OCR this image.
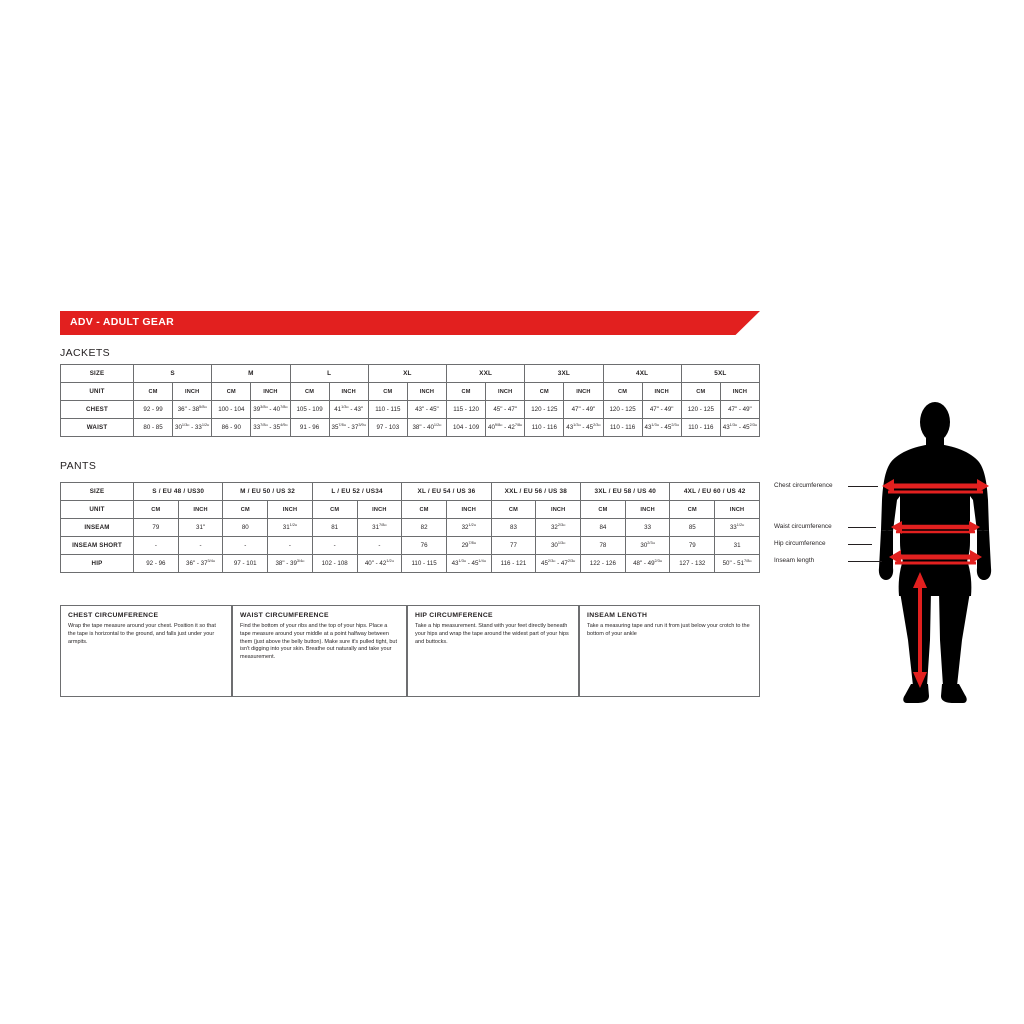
ADV - ADULT GEAR
JACKETS
SIZE	S		M		L		XL		XXL		3XL		4XL		5XL	
UNIT	CM	INCH	CM	INCH	CM	INCH	CM	INCH	CM	INCH	CM	INCH	CM	INCH	CM	INCH
CHEST	92 - 99	36" - $38^{5/8}$"	100 - 104	$39^{3/8}$" - $40^{7/8}$"	105 - 109	$41^{1/3}$" - 43"	110 - 115	43" - 45"	115 - 120	45" - 47"	120 - 125	47" - 49"	120 - 125	47" - 49"	120 - 125	47" - 49"
WAIST	80 - 85	$30^{1/3}$" - $33^{1/2}$"	86 - 90	$33^{7/8}$" - $35^{4/9}$"	91 - 96	$35^{7/8}$" - $37^{3/9}$"	97 - 103	38" - $40^{1/2}$"	104 - 109	$40^{9/8}$" - $42^{7/8}$"	110 - 116	$43^{1/3}$" - $45^{2/3}$"	110 - 116	$43^{1/3}$" - $45^{2/3}$"	110 - 116	$43^{1/3}$" - $45^{2/3}$"
PANTS
SIZE	S / EU 48 / US30		M / EU 50 / US 32		L / EU 52 / US34		XL / EU 54 / US 36		XXL / EU 56 / US 38		3XL / EU 58 / US 40		4XL / EU 60 / US 42	
UNIT	CM	INCH	CM	INCH	CM	INCH	CM	INCH	CM	INCH	CM	INCH	CM	INCH
INSEAM	79	31"	80	$31^{1/2}$"	81	$31^{7/8}$"	82	$32^{1/2}$"	83	$32^{2/3}$"	84	33	85	$33^{1/2}$"
INSEAM SHORT	-	-	-	-	-	-	76	$29^{7/8}$"	77	$30^{1/3}$"	78	$30^{2/3}$"	79	31
HIP	92 - 96	36" - $37^{3/4}$"	97 - 101	38" - $39^{3/4}$"	102 - 108	40" - $42^{1/2}$"	110 - 115	$43^{1/3}$" - $45^{1/4}$"	116 - 121	$45^{2/3}$" - $47^{2/3}$"	122 - 126	48" - $49^{2/3}$"	127 - 132	50" - $51^{7/8}$"
CHEST CIRCUMFERENCE
Wrap the tape measure around your chest. Position it so that the tape is horizontal to the ground, and falls just under your armpits.
WAIST CIRCUMFERENCE
Find the bottom of your ribs and the top of your hips. Place a tape measure around your middle at a point halfway between them (just above the belly button). Make sure it's pulled tight, but isn't digging into your skin. Breathe out naturally and take your measurement.
HIP CIRCUMFERENCE
Take a hip measurement. Stand with your feet directly beneath your hips and wrap the tape around the widest part of your hips and buttocks.
INSEAM LENGTH
Take a measuring tape and run it from just below your crotch to the bottom of your ankle
Chest circumference
Waist circumference
Hip circumference
Inseam length
